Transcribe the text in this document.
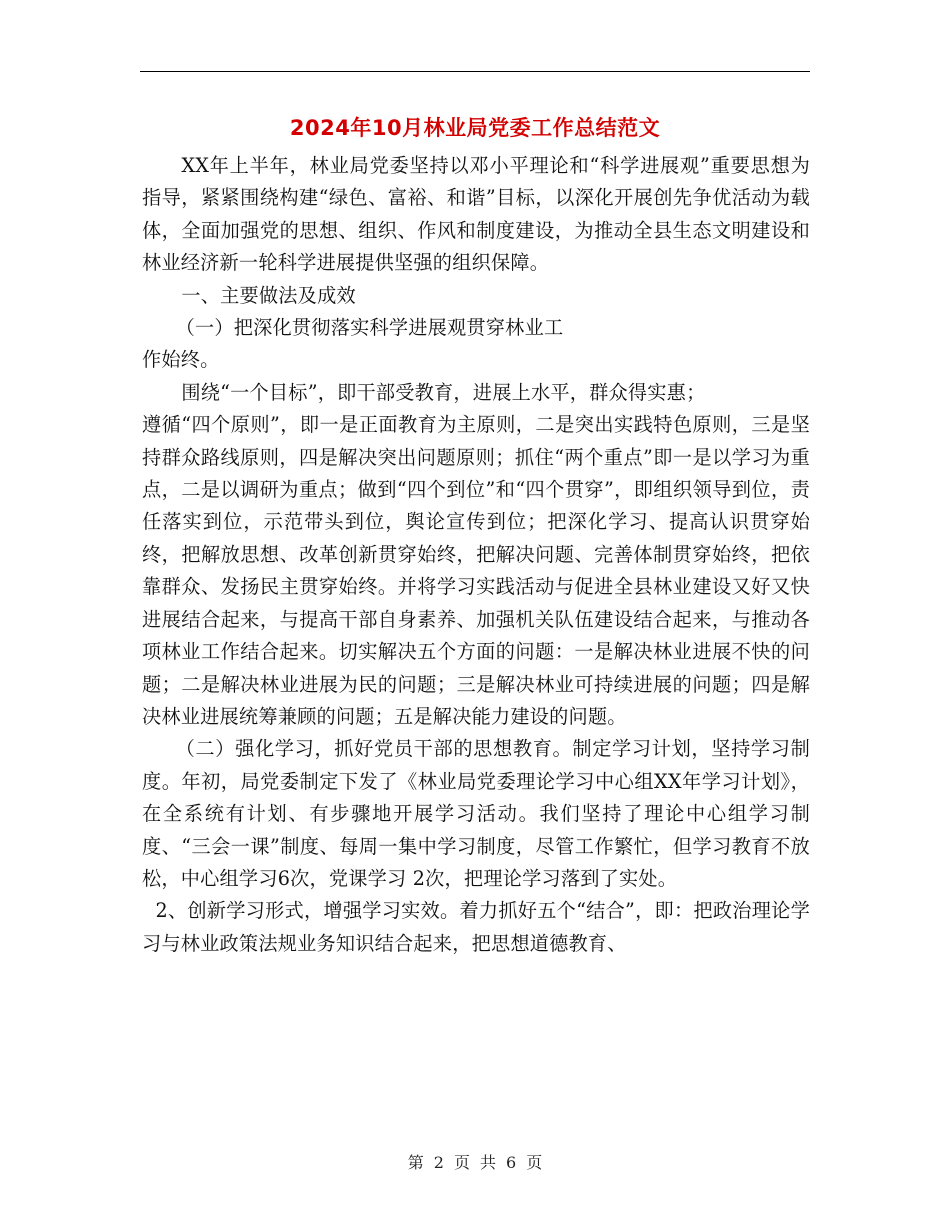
2024年10月林业局党委工作总结范文

XX年上半年，林业局党委坚持以邓小平理论和“科学进展观”重要思想为指导，紧紧围绕构建“绿色、富裕、和谐”目标，以深化开展创先争优活动为载体，全面加强党的思想、组织、作风和制度建设，为推动全县生态文明建设和林业经济新一轮科学进展提供坚强的组织保障。

一、主要做法及成效

（一）把深化贯彻落实科学进展观贯穿林业工

作始终。

围绕“一个目标”，即干部受教育，进展上水平，群众得实惠；

遵循“四个原则”，即一是正面教育为主原则，二是突出实践特色原则，三是坚持群众路线原则，四是解决突出问题原则；抓住“两个重点”即一是以学习为重点，二是以调研为重点；做到“四个到位”和“四个贯穿”，即组织领导到位，责任落实到位，示范带头到位，舆论宣传到位；把深化学习、提高认识贯穿始终，把解放思想、改革创新贯穿始终，把解决问题、完善体制贯穿始终，把依靠群众、发扬民主贯穿始终。并将学习实践活动与促进全县林业建设又好又快进展结合起来，与提高干部自身素养、加强机关队伍建设结合起来，与推动各项林业工作结合起来。切实解决五个方面的问题：一是解决林业进展不快的问题；二是解决林业进展为民的问题；三是解决林业可持续进展的问题；四是解决林业进展统筹兼顾的问题；五是解决能力建设的问题。

（二）强化学习，抓好党员干部的思想教育。制定学习计划，坚持学习制度。年初，局党委制定下发了《林业局党委理论学习中心组XX年学习计划》，在全系统有计划、有步骤地开展学习活动。我们坚持了理论中心组学习制度、“三会一课”制度、每周一集中学习制度，尽管工作繁忙，但学习教育不放松，中心组学习6次，党课学习 2次，把理论学习落到了实处。

2、创新学习形式，增强学习实效。着力抓好五个“结合”，即：把政治理论学习与林业政策法规业务知识结合起来，把思想道德教育、

第 2 页 共 6 页
